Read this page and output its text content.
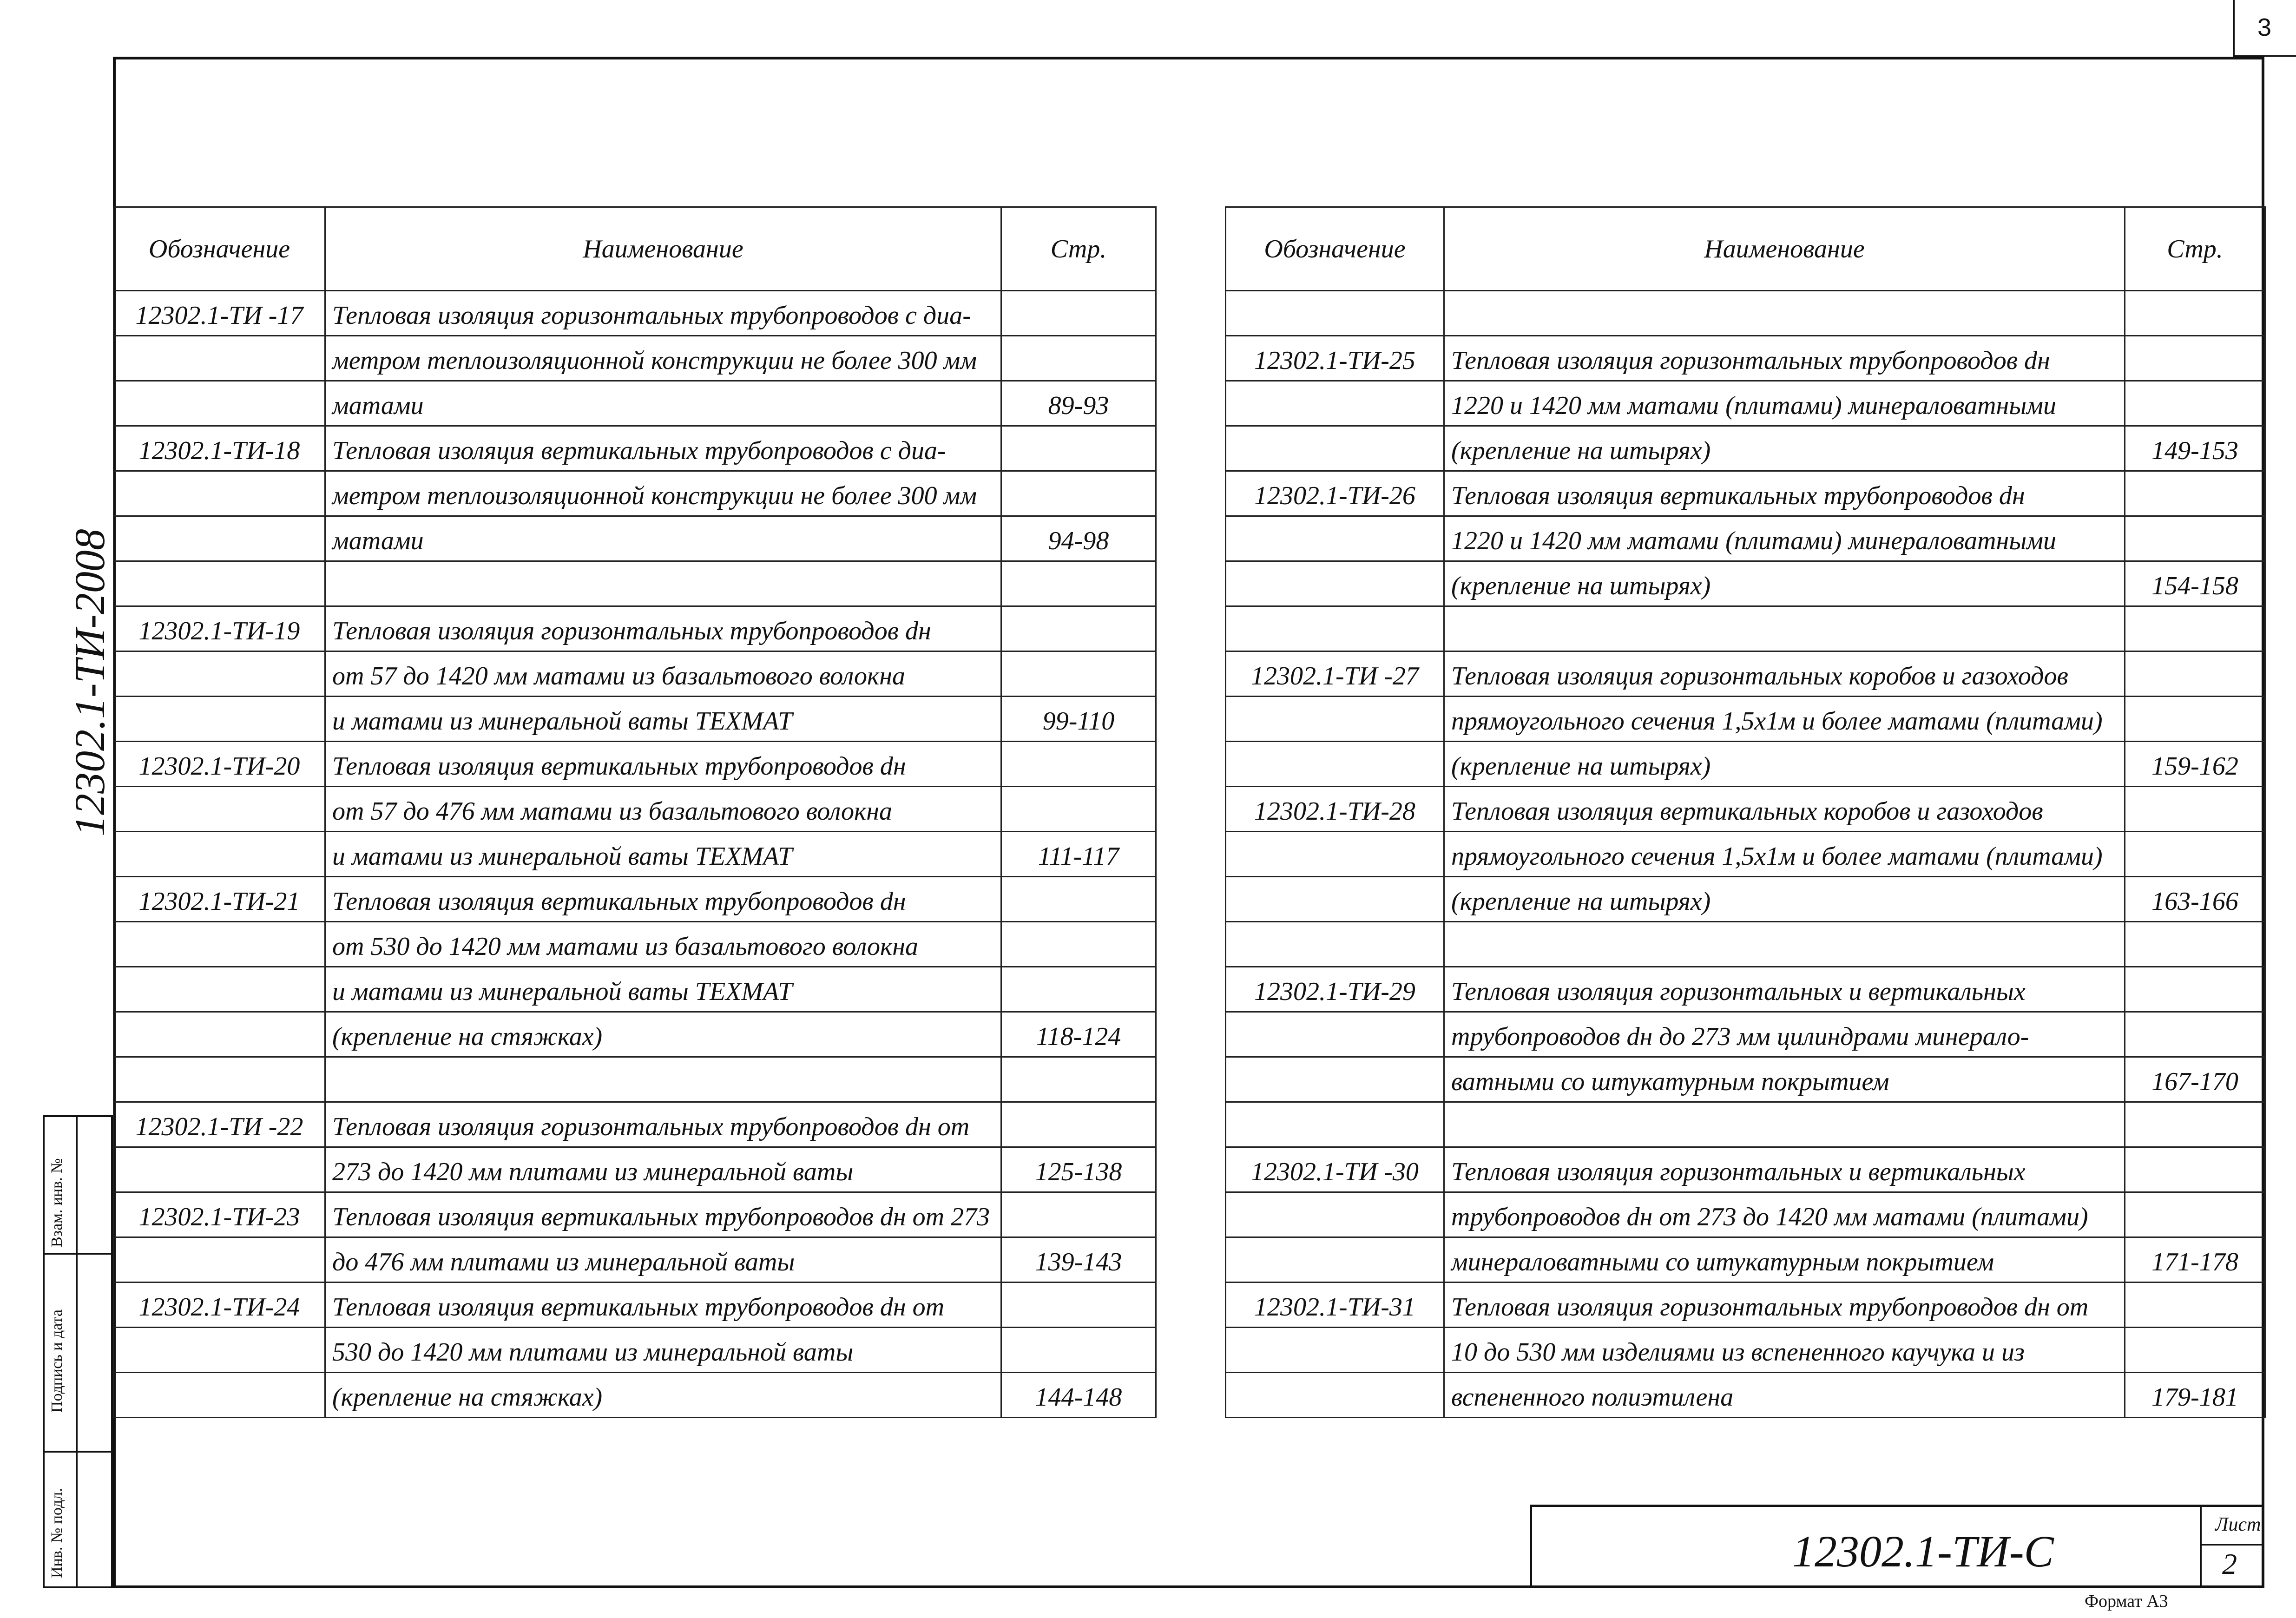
3
12302.1-ТИ-2008
Взам. инв. №
Подпись и дата
Инв. № подл.
Обозначение	Наименование	Стр.
12302.1-ТИ -17	Тепловая изоляция горизонтальных трубопроводов с диа-	
	метром теплоизоляционной конструкции не более 300 мм	
	матами	89-93
12302.1-ТИ-18	Тепловая изоляция вертикальных трубопроводов с диа-	
	метром теплоизоляционной конструкции не более 300 мм	
	матами	94-98

12302.1-ТИ-19	Тепловая изоляция горизонтальных трубопроводов dн	
	от 57 до 1420 мм матами из базальтового волокна	
	и матами из минеральной ваты ТЕХМАТ	99-110
12302.1-ТИ-20	Тепловая изоляция вертикальных трубопроводов dн	
	от 57 до 476 мм матами из базальтового волокна	
	и матами из минеральной ваты ТЕХМАТ	111-117
12302.1-ТИ-21	Тепловая изоляция вертикальных трубопроводов dн	
	от 530 до 1420 мм матами из базальтового волокна	
	и матами из минеральной ваты ТЕХМАТ	
	(крепление на стяжках)	118-124

12302.1-ТИ -22	Тепловая изоляция горизонтальных трубопроводов dн от	
	273 до 1420 мм плитами из минеральной ваты	125-138
12302.1-ТИ-23	Тепловая изоляция вертикальных трубопроводов dн от 273	
	до 476 мм плитами из минеральной ваты	139-143
12302.1-ТИ-24	Тепловая изоляция вертикальных трубопроводов dн от	
	530 до 1420 мм плитами из минеральной ваты	
	(крепление на стяжках)	144-148
Обозначение	Наименование	Стр.

12302.1-ТИ-25	Тепловая изоляция горизонтальных трубопроводов dн	
	1220 и 1420 мм матами (плитами) минераловатными	
	(крепление на штырях)	149-153
12302.1-ТИ-26	Тепловая изоляция вертикальных трубопроводов dн	
	1220 и 1420 мм матами (плитами) минераловатными	
	(крепление на штырях)	154-158

12302.1-ТИ -27	Тепловая изоляция горизонтальных коробов и газоходов	
	прямоугольного сечения 1,5х1м и более матами (плитами)	
	(крепление на штырях)	159-162
12302.1-ТИ-28	Тепловая изоляция вертикальных коробов и газоходов	
	прямоугольного сечения 1,5х1м и более матами (плитами)	
	(крепление на штырях)	163-166

12302.1-ТИ-29	Тепловая изоляция горизонтальных и вертикальных	
	трубопроводов dн до 273 мм цилиндрами минерало-	
	ватными со штукатурным покрытием	167-170

12302.1-ТИ -30	Тепловая изоляция горизонтальных и вертикальных	
	трубопроводов dн от 273 до 1420 мм матами (плитами)	
	минераловатными со штукатурным покрытием	171-178
12302.1-ТИ-31	Тепловая изоляция горизонтальных трубопроводов dн от	
	10 до 530 мм изделиями из вспененного каучука и из	
	вспененного полиэтилена	179-181
12302.1-ТИ-С
Лист
2
Формат А3
